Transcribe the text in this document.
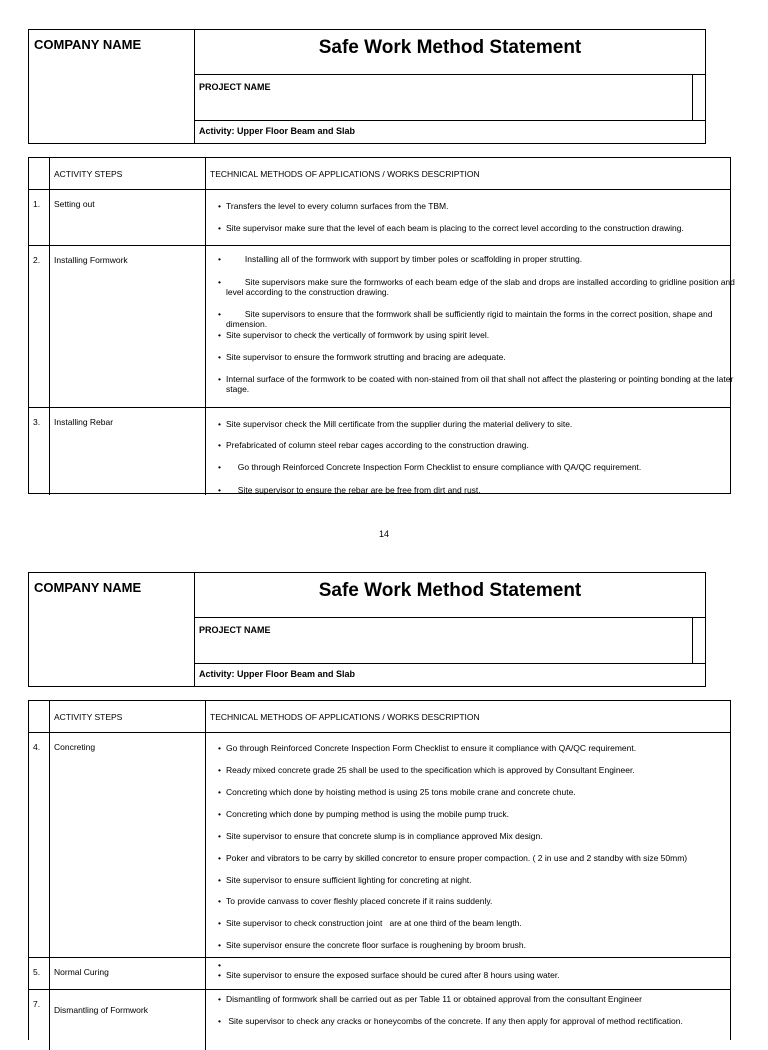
COMPANY NAME	Safe Work Method Statement
PROJECT NAME
Activity: Upper Floor Beam and Slab
ACTIVITY STEPS	TECHNICAL METHODS OF APPLICATIONS / WORKS DESCRIPTION
1.	Setting out	• Transfers the level to every column surfaces from the TBM.
• Site supervisor make sure that the level of each beam is placing to the correct level according to the construction drawing.
2.	Installing Formwork	• Installing all of the formwork with support by timber poles or scaffolding in proper strutting.
• Site supervisors make sure the formworks of each beam edge of the slab and drops are installed according to gridline position and level according to the construction drawing.
• Site supervisors to ensure that the formwork shall be sufficiently rigid to maintain the forms in the correct position, shape and dimension.
• Site supervisor to check the vertically of formwork by using spirit level.
• Site supervisor to ensure the formwork strutting and bracing are adequate.
• Internal surface of the formwork to be coated with non-stained from oil that shall not affect the plastering or pointing bonding at the later stage.
3.	Installing Rebar	• Site supervisor check the Mill certificate from the supplier during the material delivery to site.
• Prefabricated of column steel rebar cages according to the construction drawing.
• Go through Reinforced Concrete Inspection Form Checklist to ensure compliance with QA/QC requirement.
• Site supervisor to ensure the rebar are be free from dirt and rust.
14
COMPANY NAME	Safe Work Method Statement
PROJECT NAME
Activity: Upper Floor Beam and Slab
ACTIVITY STEPS	TECHNICAL METHODS OF APPLICATIONS / WORKS DESCRIPTION
4.	Concreting	• Go through Reinforced Concrete Inspection Form Checklist to ensure it compliance with QA/QC requirement.
• Ready mixed concrete grade 25 shall be used to the specification which is approved by Consultant Engineer.
• Concreting which done by hoisting method is using 25 tons mobile crane and concrete chute.
• Concreting which done by pumping method is using the mobile pump truck.
• Site supervisor to ensure that concrete slump is in compliance approved Mix design.
• Poker and vibrators to be carry by skilled concretor to ensure proper compaction. ( 2 in use and 2 standby with size 50mm)
• Site supervisor to ensure sufficient lighting for concreting at night.
• To provide canvass to cover fleshly placed concrete if it rains suddenly.
• Site supervisor to check construction joint   are at one third of the beam length.
• Site supervisor ensure the concrete floor surface is roughening by broom brush.
5.	Normal Curing
•
• Site supervisor to ensure the exposed surface should be cured after 8 hours using water.
7.
Dismantling of Formwork
• Dismantling of formwork shall be carried out as per Table 11 or obtained approval from the consultant Engineer
• Site supervisor to check any cracks or honeycombs of the concrete. If any then apply for approval of method rectification.
